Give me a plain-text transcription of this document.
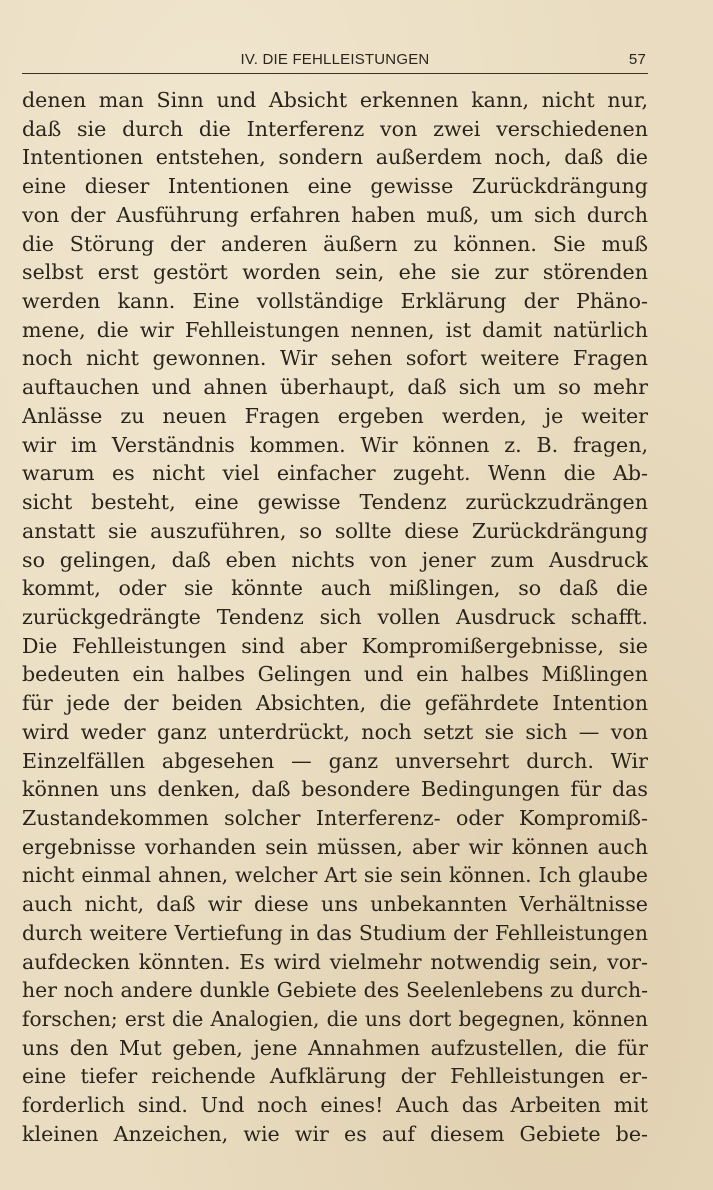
IV. DIE FEHLLEISTUNGEN	57
denen man Sinn und Absicht erkennen kann, nicht nur,
daß sie durch die Interferenz von zwei verschiedenen
Intentionen entstehen, sondern außerdem noch, daß die
eine dieser Intentionen eine gewisse Zurückdrängung
von der Ausführung erfahren haben muß, um sich durch
die Störung der anderen äußern zu können. Sie muß
selbst erst gestört worden sein, ehe sie zur störenden
werden kann. Eine vollständige Erklärung der Phäno-
mene, die wir Fehlleistungen nennen, ist damit natürlich
noch nicht gewonnen. Wir sehen sofort weitere Fragen
auftauchen und ahnen überhaupt, daß sich um so mehr
Anlässe zu neuen Fragen ergeben werden, je weiter
wir im Verständnis kommen. Wir können z. B. fragen,
warum es nicht viel einfacher zugeht. Wenn die Ab-
sicht besteht, eine gewisse Tendenz zurückzudrängen
anstatt sie auszuführen, so sollte diese Zurückdrängung
so gelingen, daß eben nichts von jener zum Ausdruck
kommt, oder sie könnte auch mißlingen, so daß die
zurückgedrängte Tendenz sich vollen Ausdruck schafft.
Die Fehlleistungen sind aber Kompromißergebnisse, sie
bedeuten ein halbes Gelingen und ein halbes Mißlingen
für jede der beiden Absichten, die gefährdete Intention
wird weder ganz unterdrückt, noch setzt sie sich — von
Einzelfällen abgesehen — ganz unversehrt durch. Wir
können uns denken, daß besondere Bedingungen für das
Zustandekommen solcher Interferenz- oder Kompromiß-
ergebnisse vorhanden sein müssen, aber wir können auch
nicht einmal ahnen, welcher Art sie sein können. Ich glaube
auch nicht, daß wir diese uns unbekannten Verhältnisse
durch weitere Vertiefung in das Studium der Fehlleistungen
aufdecken könnten. Es wird vielmehr notwendig sein, vor-
her noch andere dunkle Gebiete des Seelenlebens zu durch-
forschen; erst die Analogien, die uns dort begegnen, können
uns den Mut geben, jene Annahmen aufzustellen, die für
eine tiefer reichende Aufklärung der Fehlleistungen er-
forderlich sind. Und noch eines! Auch das Arbeiten mit
kleinen Anzeichen, wie wir es auf diesem Gebiete be-
